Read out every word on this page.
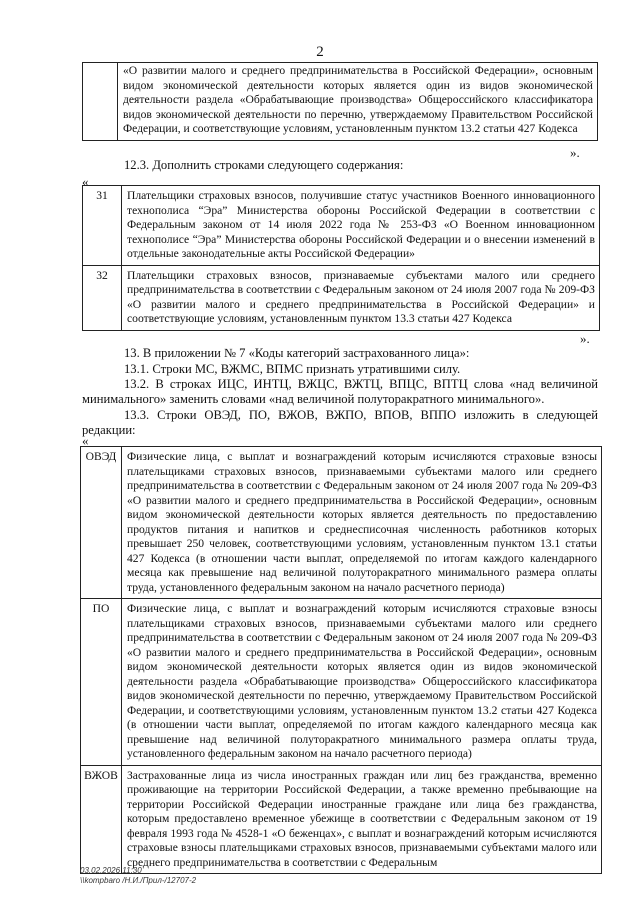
2
	«О развитии малого и среднего предпринимательства в Российской Федерации», основным видом экономической деятельности которых является один из видов экономической деятельности раздела «Обрабатывающие производства» Общероссийского классификатора видов экономической деятельности по перечню, утверждаемому Правительством Российской Федерации, и соответствующие условиям, установленным пунктом 13.2 статьи 427 Кодекса
».
12.3. Дополнить строками следующего содержания:
«
31	Плательщики страховых взносов, получившие статус участников Военного инновационного технополиса “Эра” Министерства обороны Российской Федерации в соответствии с Федеральным законом от 14 июля 2022 года № 253-ФЗ «О Военном инновационном технополисе “Эра” Министерства обороны Российской Федерации и о внесении изменений в отдельные законодательные акты Российской Федерации»
32	Плательщики страховых взносов, признаваемые субъектами малого или среднего предпринимательства в соответствии с Федеральным законом от 24 июля 2007 года № 209-ФЗ «О развитии малого и среднего предпринимательства в Российской Федерации» и соответствующие условиям, установленным пунктом 13.3 статьи 427 Кодекса
».
13. В приложении № 7 «Коды категорий застрахованного лица»:
13.1. Строки МС, ВЖМС, ВПМС признать утратившими силу.
13.2. В строках ИЦС, ИНТЦ, ВЖЦС, ВЖТЦ, ВПЦС, ВПТЦ слова «над величиной минимального» заменить словами «над величиной полуторакратного минимального».
13.3. Строки ОВЭД, ПО, ВЖОВ, ВЖПО, ВПОВ, ВППО изложить в следующей редакции:
«
ОВЭД	Физические лица, с выплат и вознаграждений которым исчисляются страховые взносы плательщиками страховых взносов, признаваемыми субъектами малого или среднего предпринимательства в соответствии с Федеральным законом от 24 июля 2007 года № 209-ФЗ «О развитии малого и среднего предпринимательства в Российской Федерации», основным видом экономической деятельности которых является деятельность по предоставлению продуктов питания и напитков и среднесписочная численность работников которых превышает 250 человек, соответствующими условиям, установленным пунктом 13.1 статьи 427 Кодекса (в отношении части выплат, определяемой по итогам каждого календарного месяца как превышение над величиной полуторакратного минимального размера оплаты труда, установленного федеральным законом на начало расчетного периода)
ПО	Физические лица, с выплат и вознаграждений которым исчисляются страховые взносы плательщиками страховых взносов, признаваемыми субъектами малого или среднего предпринимательства в соответствии с Федеральным законом от 24 июля 2007 года № 209-ФЗ «О развитии малого и среднего предпринимательства в Российской Федерации», основным видом экономической деятельности которых является один из видов экономической деятельности раздела «Обрабатывающие производства» Общероссийского классификатора видов экономической деятельности по перечню, утверждаемому Правительством Российской Федерации, и соответствующими условиям, установленным пунктом 13.2 статьи 427 Кодекса (в отношении части выплат, определяемой по итогам каждого календарного месяца как превышение над величиной полуторакратного минимального размера оплаты труда, установленного федеральным законом на начало расчетного периода)
ВЖОВ	Застрахованные лица из числа иностранных граждан или лиц без гражданства, временно проживающие на территории Российской Федерации, а также временно пребывающие на территории Российской Федерации иностранные граждане или лица без гражданства, которым предоставлено временное убежище в соответствии с Федеральным законом от 19 февраля 1993 года № 4528-1 «О беженцах», с выплат и вознаграждений которым исчисляются страховые взносы плательщиками страховых взносов, признаваемыми субъектами малого или среднего предпринимательства в соответствии с Федеральным
03.02.2026 11:30
\\kompbaro /Н.И./Прил-/12707-2
